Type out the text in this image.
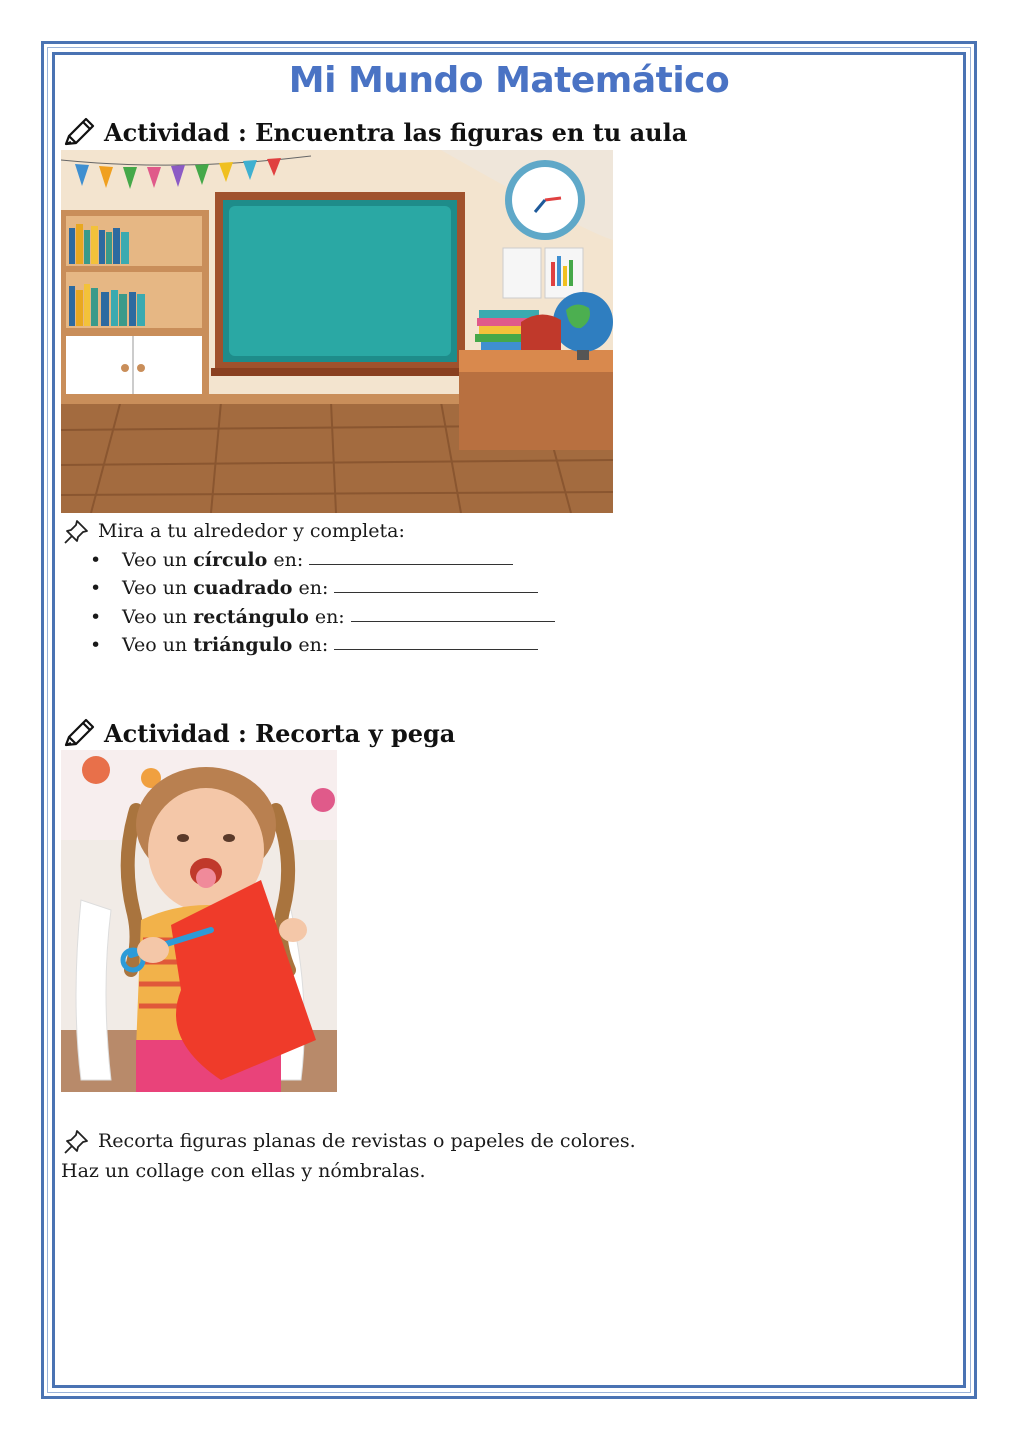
Mi Mundo Matemático
Actividad : Encuentra las figuras en tu aula
Mira a tu alrededor y completa:
•	Veo un círculo en:
•	Veo un cuadrado en:
•	Veo un rectángulo en:
•	Veo un triángulo en:
Actividad : Recorta y pega
Recorta figuras planas de revistas o papeles de colores.
Haz un collage con ellas y nómbralas.
